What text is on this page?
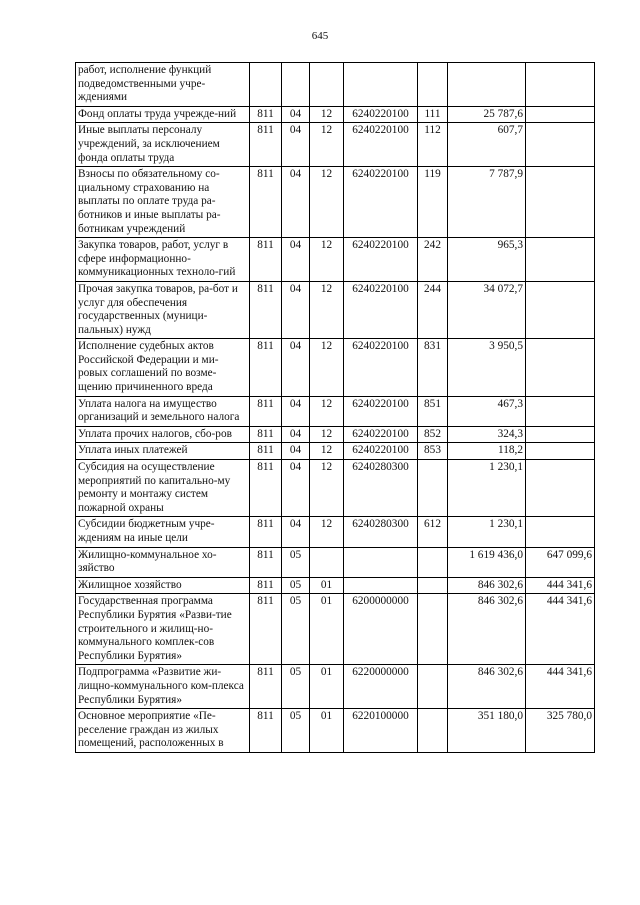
645
работ, исполнение функций подведомственными учре-ждениями							
Фонд оплаты труда учрежде-ний	811	04	12	6240220100	111	25 787,6	
Иные выплаты персоналу учреждений, за исключением фонда оплаты труда	811	04	12	6240220100	112	607,7	
Взносы по обязательному со-циальному страхованию на выплаты по оплате труда ра-ботников и иные выплаты ра-ботникам учреждений	811	04	12	6240220100	119	7 787,9	
Закупка товаров, работ, услуг в сфере информационно-коммуникационных техноло-гий	811	04	12	6240220100	242	965,3	
Прочая закупка товаров, ра-бот и услуг для обеспечения государственных (муници-пальных) нужд	811	04	12	6240220100	244	34 072,7	
Исполнение судебных актов Российской Федерации и ми-ровых соглашений по возме-щению причиненного вреда	811	04	12	6240220100	831	3 950,5	
Уплата налога на имущество организаций и земельного налога	811	04	12	6240220100	851	467,3	
Уплата прочих налогов, сбо-ров	811	04	12	6240220100	852	324,3	
Уплата иных платежей	811	04	12	6240220100	853	118,2	
Субсидия на осуществление мероприятий по капитально-му ремонту и монтажу систем пожарной охраны	811	04	12	6240280300		1 230,1	
Субсидии бюджетным учре-ждениям на иные цели	811	04	12	6240280300	612	1 230,1	
Жилищно-коммунальное хо-зяйство	811	05				1 619 436,0	647 099,6
Жилищное хозяйство	811	05	01			846 302,6	444 341,6
Государственная программа Республики Бурятия «Разви-тие строительного и жилищ-но-коммунального комплек-сов Республики Бурятия»	811	05	01	6200000000		846 302,6	444 341,6
Подпрограмма «Развитие жи-лищно-коммунального ком-плекса Республики Бурятия»	811	05	01	6220000000		846 302,6	444 341,6
Основное мероприятие «Пе-реселение граждан из жилых помещений, расположенных в	811	05	01	6220100000		351 180,0	325 780,0
